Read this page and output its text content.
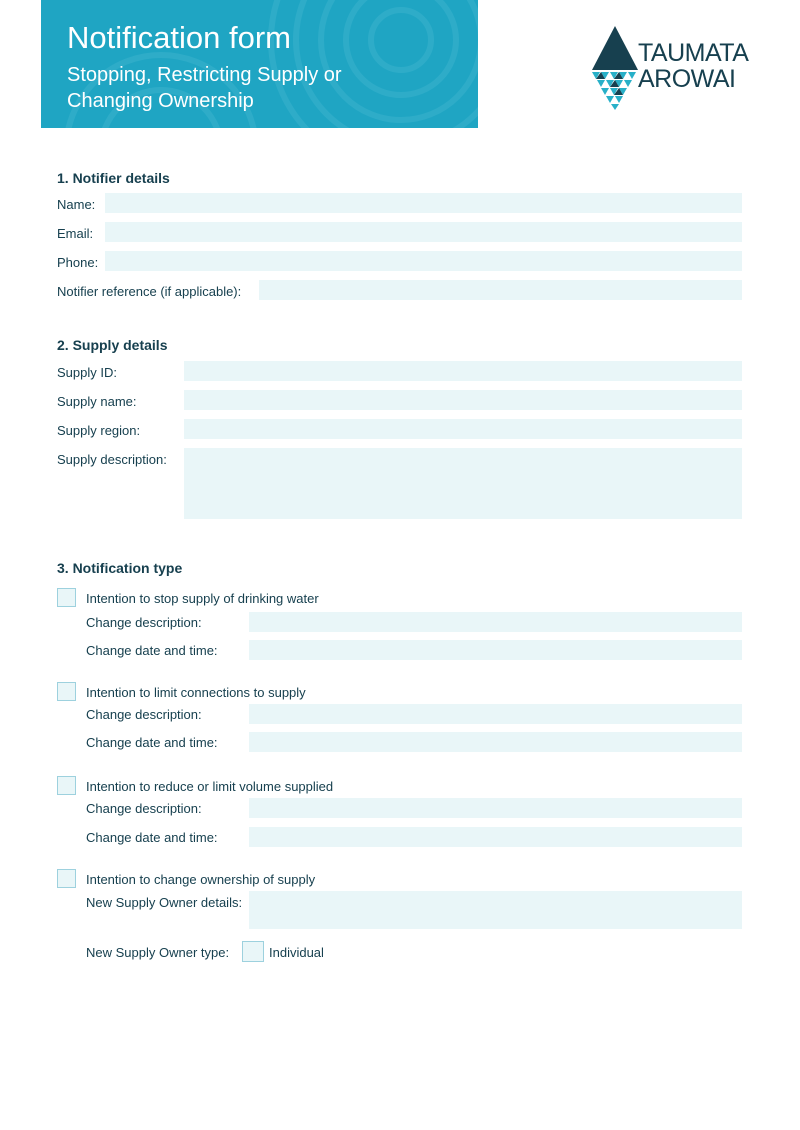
Notification form
Stopping, Restricting Supply or
Changing Ownership
TAUMATA
AROWAI
1. Notifier details
Name:
Email:
Phone:
Notifier reference (if applicable):
2. Supply details
Supply ID:
Supply name:
Supply region:
Supply description:
3. Notification type
Intention to stop supply of drinking water
Change description:
Change date and time:
Intention to limit connections to supply
Change description:
Change date and time:
Intention to reduce or limit volume supplied
Change description:
Change date and time:
Intention to change ownership of supply
New Supply Owner details:
New Supply Owner type:	Individual
